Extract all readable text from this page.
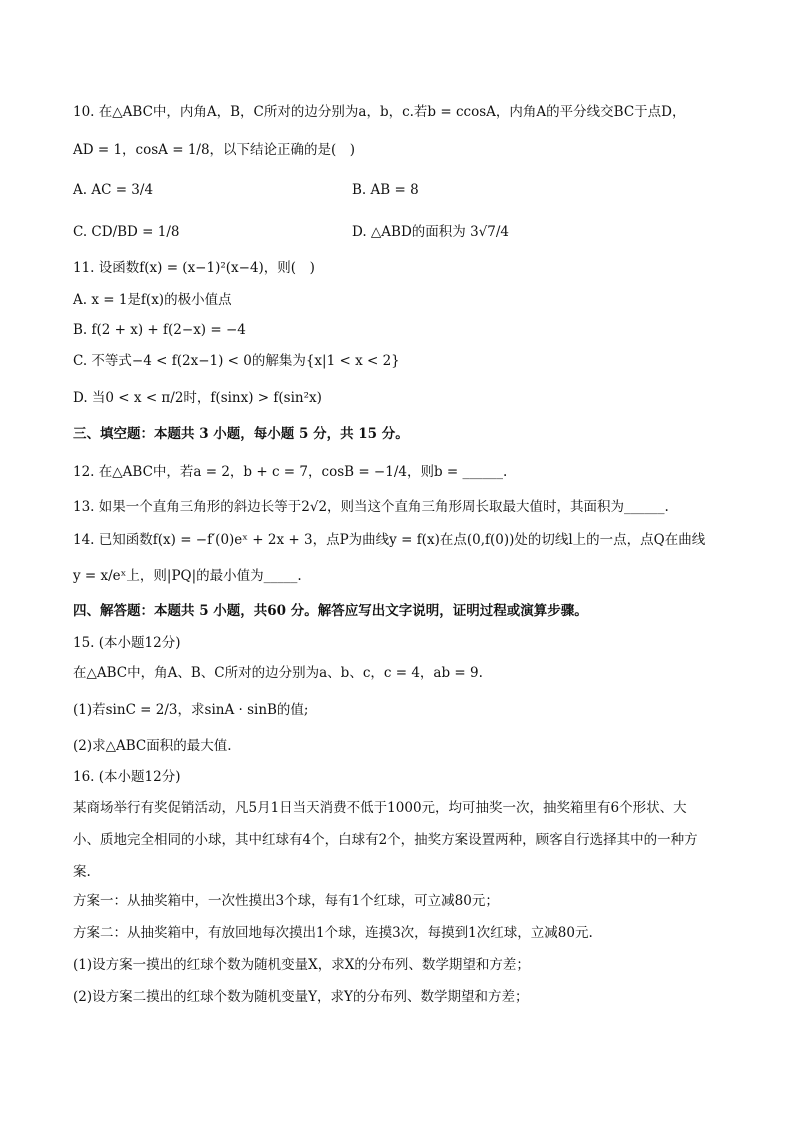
10. 在△ABC中，内角A，B，C所对的边分别为a，b，c.若b = ccosA，内角A的平分线交BC于点D，
AD = 1，cosA = 1/8，以下结论正确的是(　)
A. AC = 3/4	B. AB = 8
C. CD/BD = 1/8	D. △ABD的面积为 3√7/4
11. 设函数f(x) = (x−1)²(x−4)，则(　)
A. x = 1是f(x)的极小值点
B. f(2 + x) + f(2−x) = −4
C. 不等式−4 < f(2x−1) < 0的解集为{x|1 < x < 2}
D. 当0 < x < π/2时，f(sinx) > f(sin²x)
三、填空题：本题共 3 小题，每小题 5 分，共 15 分。
12. 在△ABC中，若a = 2，b + c = 7，cosB = −1/4，则b = ______.
13. 如果一个直角三角形的斜边长等于2√2，则当这个直角三角形周长取最大值时，其面积为______.
14. 已知函数f(x) = −f′(0)eˣ + 2x + 3，点P为曲线y = f(x)在点(0,f(0))处的切线l上的一点，点Q在曲线
y = x/eˣ上，则|PQ|的最小值为_____.
四、解答题：本题共 5 小题，共60 分。解答应写出文字说明，证明过程或演算步骤。
15. (本小题12分)
在△ABC中，角A、B、C所对的边分别为a、b、c，c = 4，ab = 9.
(1)若sinC = 2/3，求sinA · sinB的值;
(2)求△ABC面积的最大值.
16. (本小题12分)
某商场举行有奖促销活动，凡5月1日当天消费不低于1000元，均可抽奖一次，抽奖箱里有6个形状、大
小、质地完全相同的小球，其中红球有4个，白球有2个，抽奖方案设置两种，顾客自行选择其中的一种方
案.
方案一：从抽奖箱中，一次性摸出3个球，每有1个红球，可立减80元；
方案二：从抽奖箱中，有放回地每次摸出1个球，连摸3次，每摸到1次红球，立减80元.
(1)设方案一摸出的红球个数为随机变量X，求X的分布列、数学期望和方差；
(2)设方案二摸出的红球个数为随机变量Y，求Y的分布列、数学期望和方差；
